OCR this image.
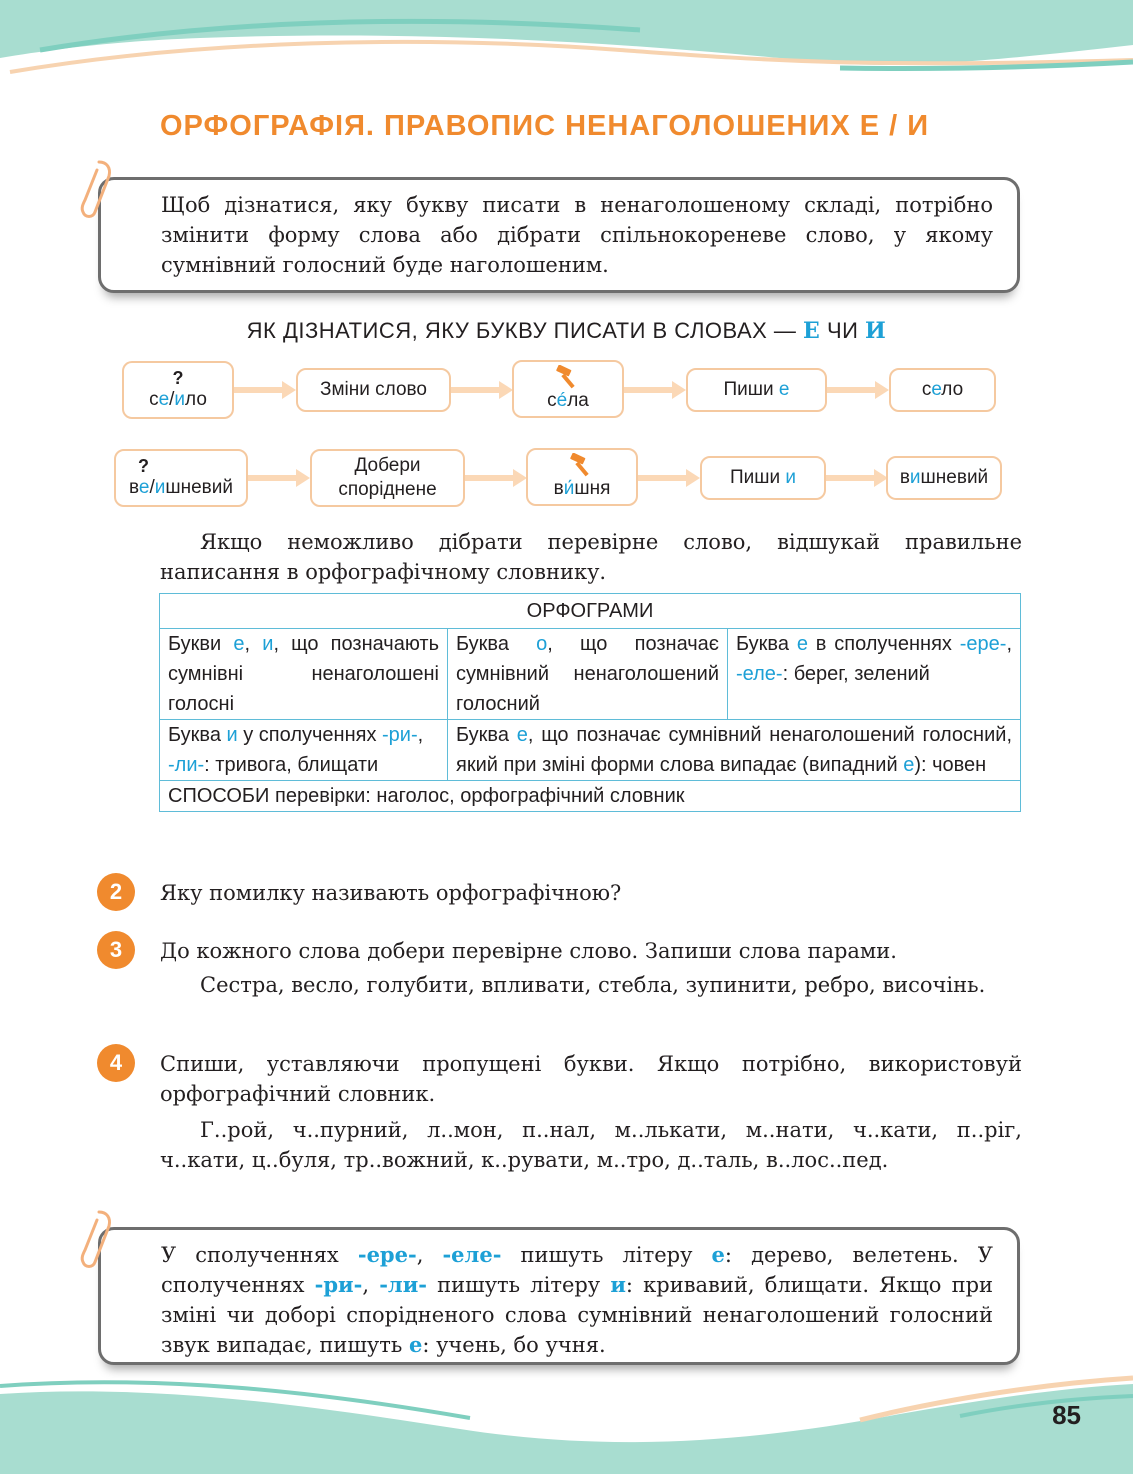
ОРФОГРАФІЯ. ПРАВОПИС НЕНАГОЛОШЕНИХ Е / И

Щоб дізнатися, яку букву писати в ненаголошеному складі, потрібно змінити форму слова або дібрати спільнокореневе слово, у якому сумнівний голосний буде наголошеним.

ЯК ДІЗНАТИСЯ, ЯКУ БУКВУ ПИСАТИ В СЛОВАХ — Е ЧИ И
?
се/ило	Зміни слово
сéла
Пиши е	село
?
ве/ишневий
Добери
споріднене	ви́шня
Пиши и	вишневий

Якщо неможливо дібрати перевірне слово, відшукай правильне написання в орфографічному словнику.

ОРФОГРАМИ		
Букви е, и, що позначають сумнівні ненаголошені голосні	Буква о, що позначає сумнівний ненаголошений голосний	Буква е в сполученнях -ере-, -еле-: берег, зелений
Буква и у сполученнях -ри-, -ли-: тривога, блищати	Буква е, що позначає сумнівний ненаголошений голосний, який при зміні форми слова випадає (випадний е): човен	
СПОСОБИ перевірки: наголос, орфографічний словник		
2	Яку помилку називають орфографічною?

3	До кожного слова добери перевірне слово. Запиши слова парами.

Сестра, весло, голубити, впливати, стебла, зупинити, ребро, височінь.

4	Спиши, уставляючи пропущені букви. Якщо потрібно, використовуй орфографічний словник.

Г..рой, ч..пурний, л..мон, п..нал, м..лькати, м..нати, ч..кати, п..ріг, ч..кати, ц..буля, тр..вожний, к..рувати, м..тро, д..таль, в..лос..пед.

У сполученнях -ере-, -еле- пишуть літеру е: дерево, велетень. У сполученнях -ри-, -ли- пишуть літеру и: кривавий, блищати. Якщо при зміні чи доборі спорідненого слова сумнівний ненаголошений голосний звук випадає, пишуть е: учень, бо учня.

85
